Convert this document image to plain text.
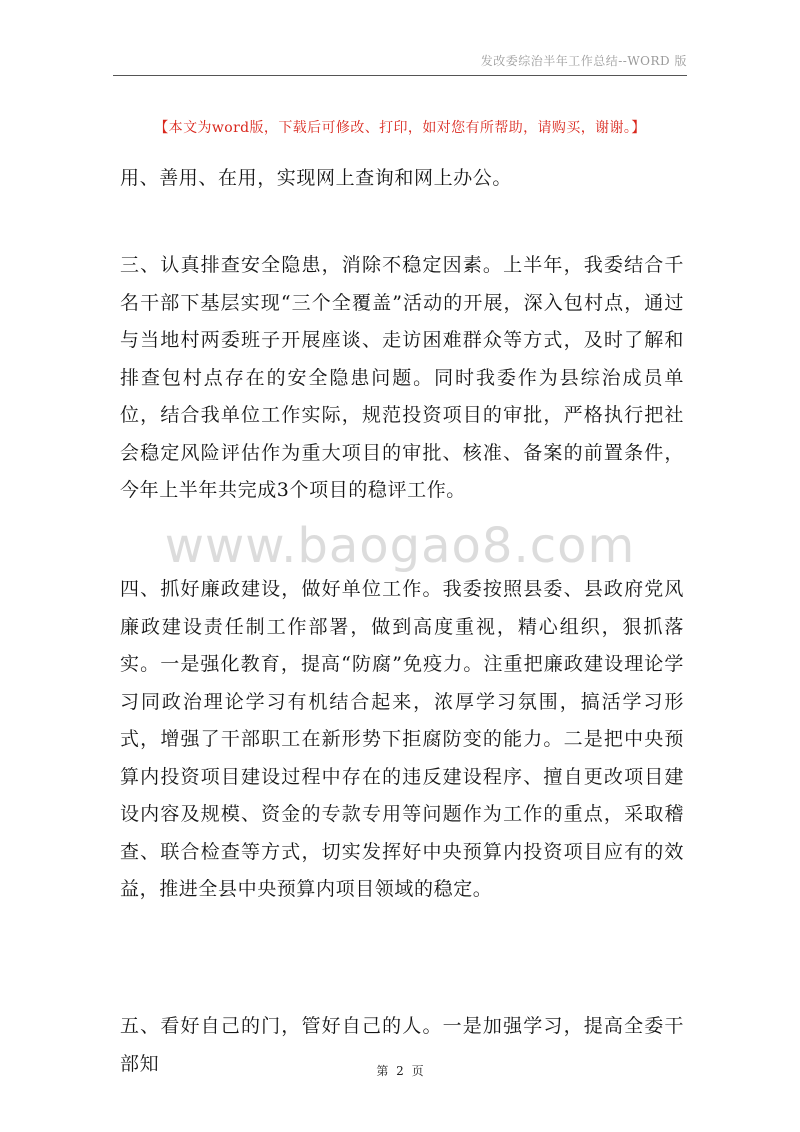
发改委综治半年工作总结--WORD 版
【本文为word版，下载后可修改、打印，如对您有所帮助，请购买，谢谢。】

用、善用、在用，实现网上查询和网上办公。

三、认真排查安全隐患，消除不稳定因素。上半年，我委结合千名干部下基层实现“三个全覆盖”活动的开展，深入包村点，通过与当地村两委班子开展座谈、走访困难群众等方式，及时了解和排查包村点存在的安全隐患问题。同时我委作为县综治成员单位，结合我单位工作实际，规范投资项目的审批，严格执行把社会稳定风险评估作为重大项目的审批、核准、备案的前置条件，今年上半年共完成3个项目的稳评工作。

www.baogao8.com

四、抓好廉政建设，做好单位工作。我委按照县委、县政府党风廉政建设责任制工作部署，做到高度重视，精心组织，狠抓落实。一是强化教育，提高“防腐”免疫力。注重把廉政建设理论学习同政治理论学习有机结合起来，浓厚学习氛围，搞活学习形式，增强了干部职工在新形势下拒腐防变的能力。二是把中央预算内投资项目建设过程中存在的违反建设程序、擅自更改项目建设内容及规模、资金的专款专用等问题作为工作的重点，采取稽查、联合检查等方式，切实发挥好中央预算内投资项目应有的效益，推进全县中央预算内项目领域的稳定。

五、看好自己的门，管好自己的人。一是加强学习，提高全委干部知	第 2 页
